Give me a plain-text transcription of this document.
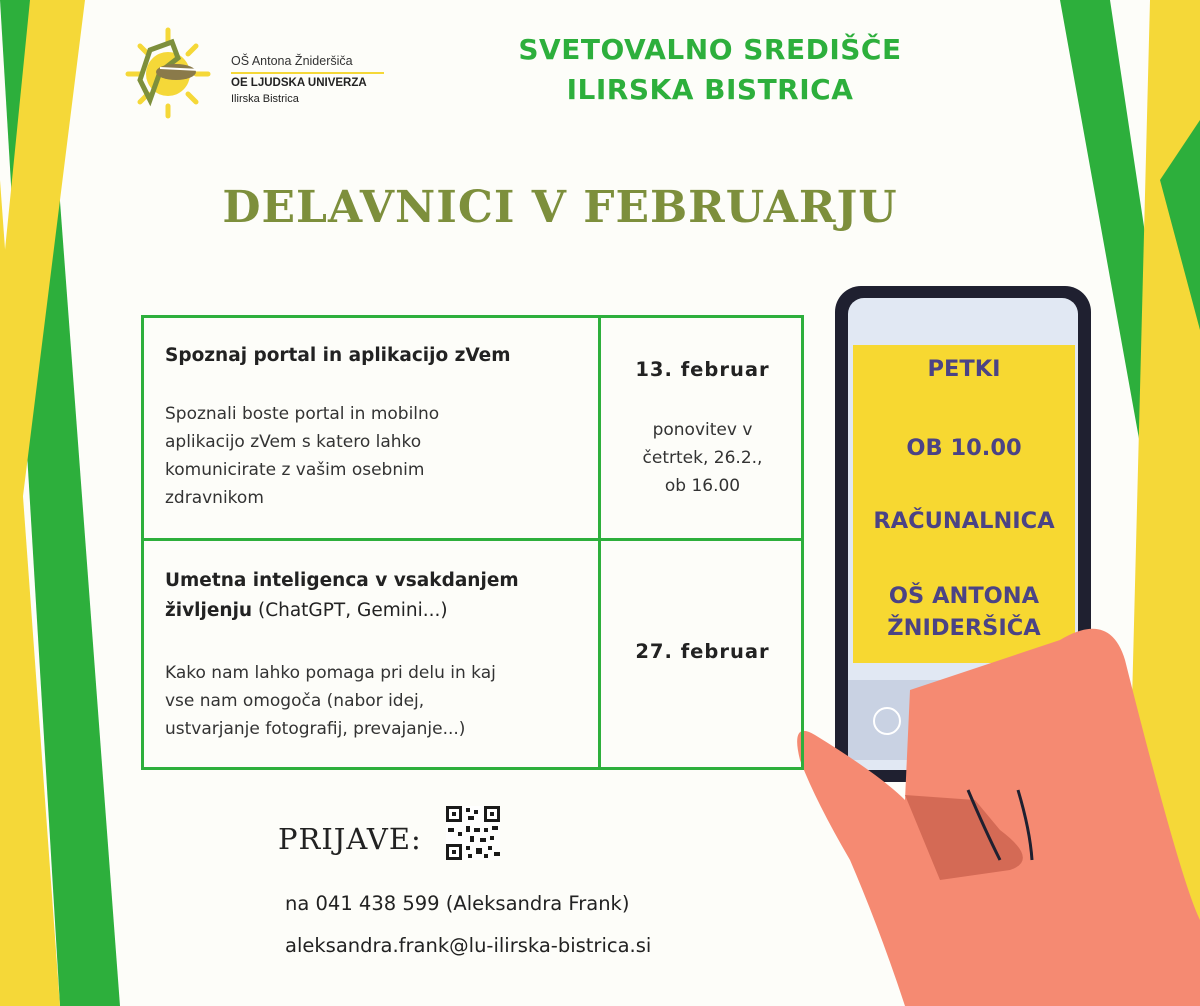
OŠ Antona Žnideršiča
OE LJUDSKA UNIVERZA
Ilirska Bistrica
SVETOVALNO SREDIŠČE
ILIRSKA BISTRICA
DELAVNICI V FEBRUARJU
Spoznaj portal in aplikacijo zVem
Spoznali boste portal in mobilno
aplikacijo zVem s katero lahko
komunicirate z vašim osebnim
zdravnikom
13. februar
ponovitev v
četrtek, 26.2.,
ob 16.00
Umetna inteligenca v vsakdanjem
življenju (ChatGPT, Gemini...)
Kako nam lahko pomaga pri delu in kaj
vse nam omogoča (nabor idej,
ustvarjanje fotografij, prevajanje...)
27. februar
PETKI
OB 10.00
RAČUNALNICA
OŠ ANTONA
ŽNIDERŠIČA
PRIJAVE:
na 041 438 599 (Aleksandra Frank)
aleksandra.frank@lu-ilirska-bistrica.si
